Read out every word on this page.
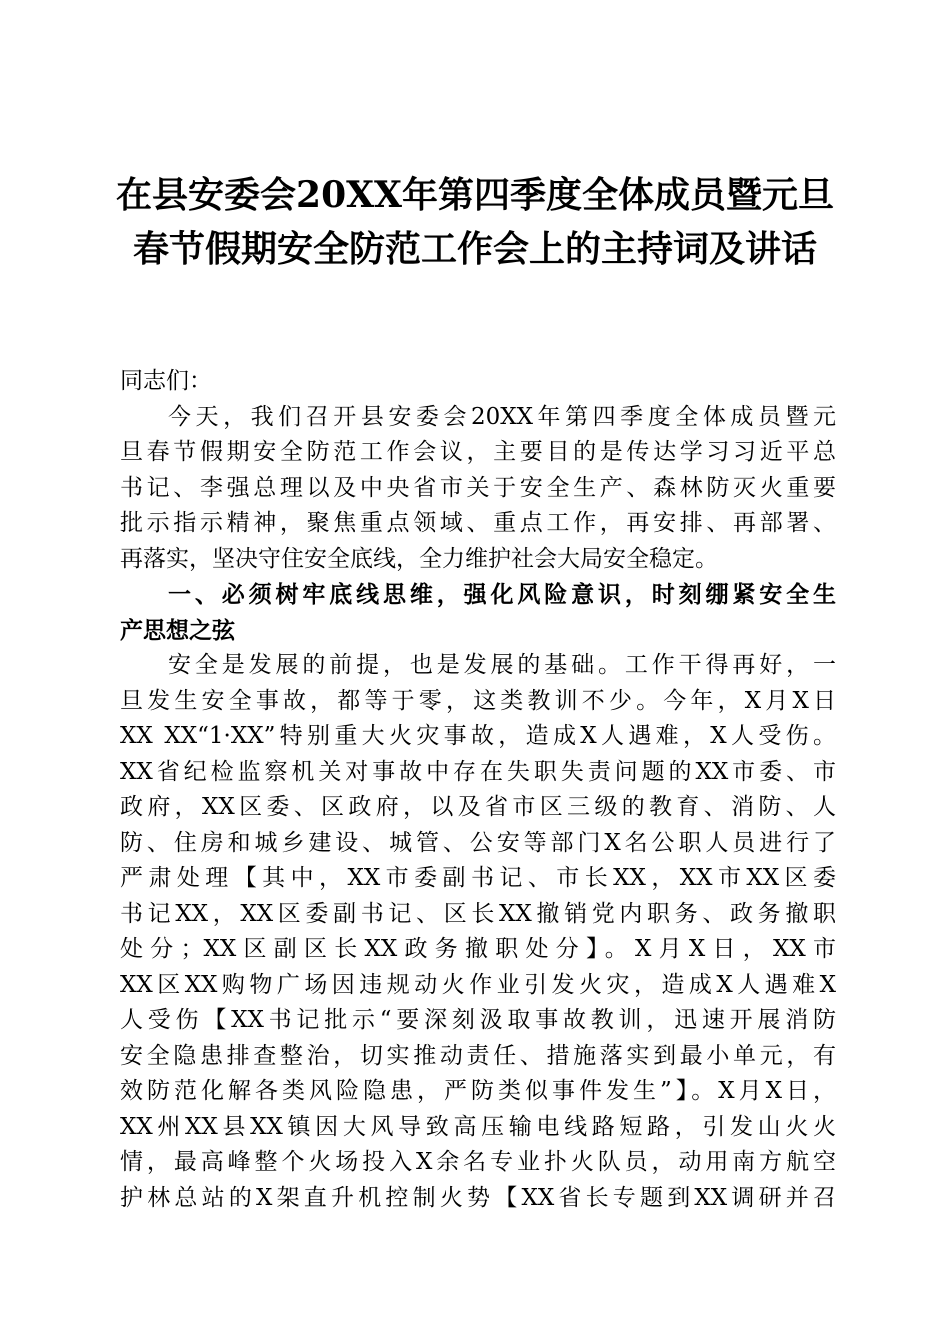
在县安委会20XX年第四季度全体成员暨元旦
春节假期安全防范工作会上的主持词及讲话

同志们：

今天，我们召开县安委会20XX年第四季度全体成员暨元
旦春节假期安全防范工作会议，主要目的是传达学习习近平总
书记、李强总理以及中央省市关于安全生产、森林防灭火重要
批示指示精神，聚焦重点领域、重点工作，再安排、再部署、
再落实，坚决守住安全底线，全力维护社会大局安全稳定。

一、必须树牢底线思维，强化风险意识，时刻绷紧安全生
产思想之弦

安全是发展的前提，也是发展的基础。工作干得再好，一
旦发生安全事故，都等于零，这类教训不少。今年，X月X日
XX XX“1·XX”特别重大火灾事故，造成X人遇难，X人受伤。
XX省纪检监察机关对事故中存在失职失责问题的XX市委、市
政府，XX区委、区政府，以及省市区三级的教育、消防、人
防、住房和城乡建设、城管、公安等部门X名公职人员进行了
严肃处理【其中，XX市委副书记、市长XX，XX市XX区委
书记XX，XX区委副书记、区长XX撤销党内职务、政务撤职
处分；XX区副区长XX政务撤职处分】。X月X日，XX市
XX区XX购物广场因违规动火作业引发火灾，造成X人遇难X
人受伤【XX书记批示“要深刻汲取事故教训，迅速开展消防
安全隐患排查整治，切实推动责任、措施落实到最小单元，有
效防范化解各类风险隐患，严防类似事件发生”】。X月X日，
XX州XX县XX镇因大风导致高压输电线路短路，引发山火火
情，最高峰整个火场投入X余名专业扑火队员，动用南方航空
护林总站的X架直升机控制火势【XX省长专题到XX调研并召
